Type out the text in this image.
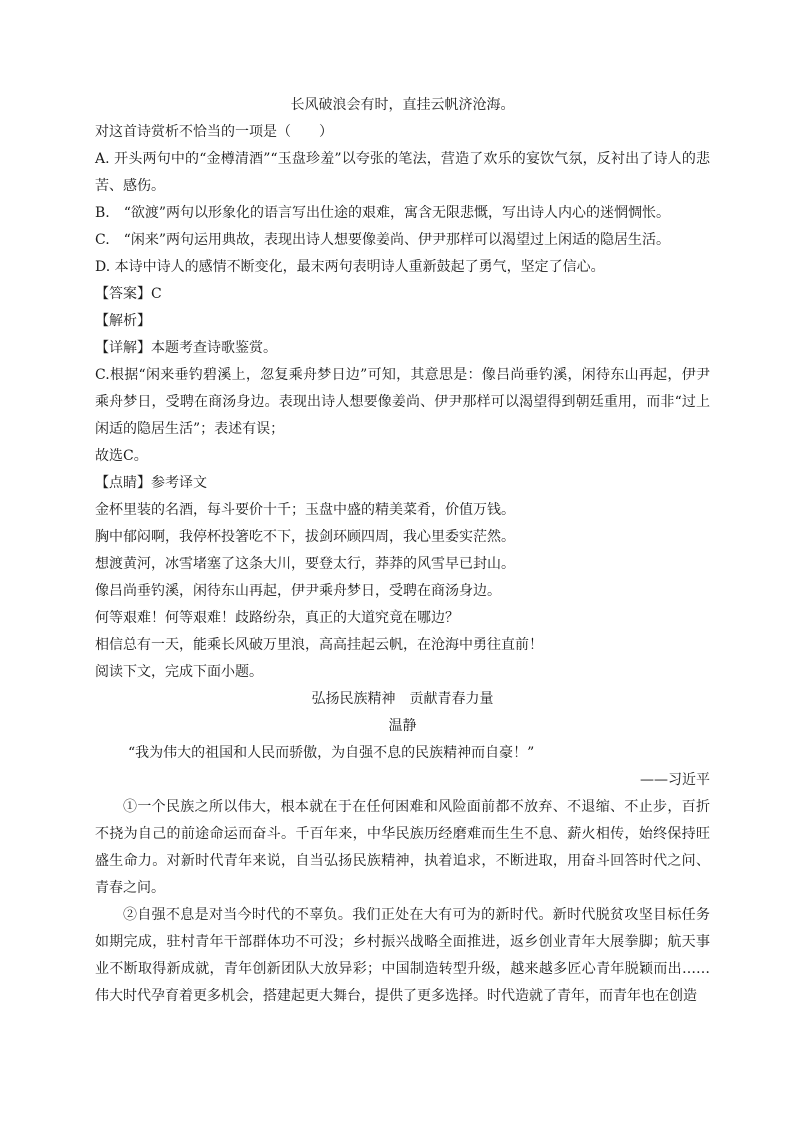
长风破浪会有时，直挂云帆济沧海。
对这首诗赏析不恰当的一项是（　　）
A. 开头两句中的“金樽清酒”“玉盘珍羞”以夸张的笔法，营造了欢乐的宴饮气氛，反衬出了诗人的悲苦、感伤。
B.　“欲渡”两句以形象化的语言写出仕途的艰难，寓含无限悲慨，写出诗人内心的迷惘惆怅。
C.　“闲来”两句运用典故，表现出诗人想要像姜尚、伊尹那样可以渴望过上闲适的隐居生活。
D. 本诗中诗人的感情不断变化，最末两句表明诗人重新鼓起了勇气，坚定了信心。
【答案】C
【解析】
【详解】本题考查诗歌鉴赏。
C.根据“闲来垂钓碧溪上，忽复乘舟梦日边”可知，其意思是：像吕尚垂钓溪，闲待东山再起，伊尹乘舟梦日，受聘在商汤身边。表现出诗人想要像姜尚、伊尹那样可以渴望得到朝廷重用，而非“过上闲适的隐居生活”；表述有误；
故选C。
【点睛】参考译文
金杯里装的名酒，每斗要价十千；玉盘中盛的精美菜肴，价值万钱。
胸中郁闷啊，我停杯投箸吃不下，拔剑环顾四周，我心里委实茫然。
想渡黄河，冰雪堵塞了这条大川，要登太行，莽莽的风雪早已封山。
像吕尚垂钓溪，闲待东山再起，伊尹乘舟梦日，受聘在商汤身边。
何等艰难！何等艰难！歧路纷杂，真正的大道究竟在哪边？
相信总有一天，能乘长风破万里浪，高高挂起云帆，在沧海中勇往直前！
阅读下文，完成下面小题。
弘扬民族精神　贡献青春力量
温静
“我为伟大的祖国和人民而骄傲，为自强不息的民族精神而自豪！”
——习近平
①一个民族之所以伟大，根本就在于在任何困难和风险面前都不放弃、不退缩、不止步，百折不挠为自己的前途命运而奋斗。千百年来，中华民族历经磨难而生生不息、薪火相传，始终保持旺盛生命力。对新时代青年来说，自当弘扬民族精神，执着追求，不断进取，用奋斗回答时代之问、青春之问。
②自强不息是对当今时代的不辜负。我们正处在大有可为的新时代。新时代脱贫攻坚目标任务如期完成，驻村青年干部群体功不可没；乡村振兴战略全面推进，返乡创业青年大展拳脚；航天事业不断取得新成就，青年创新团队大放异彩；中国制造转型升级，越来越多匠心青年脱颖而出……伟大时代孕育着更多机会，搭建起更大舞台，提供了更多选择。时代造就了青年，而青年也在创造
